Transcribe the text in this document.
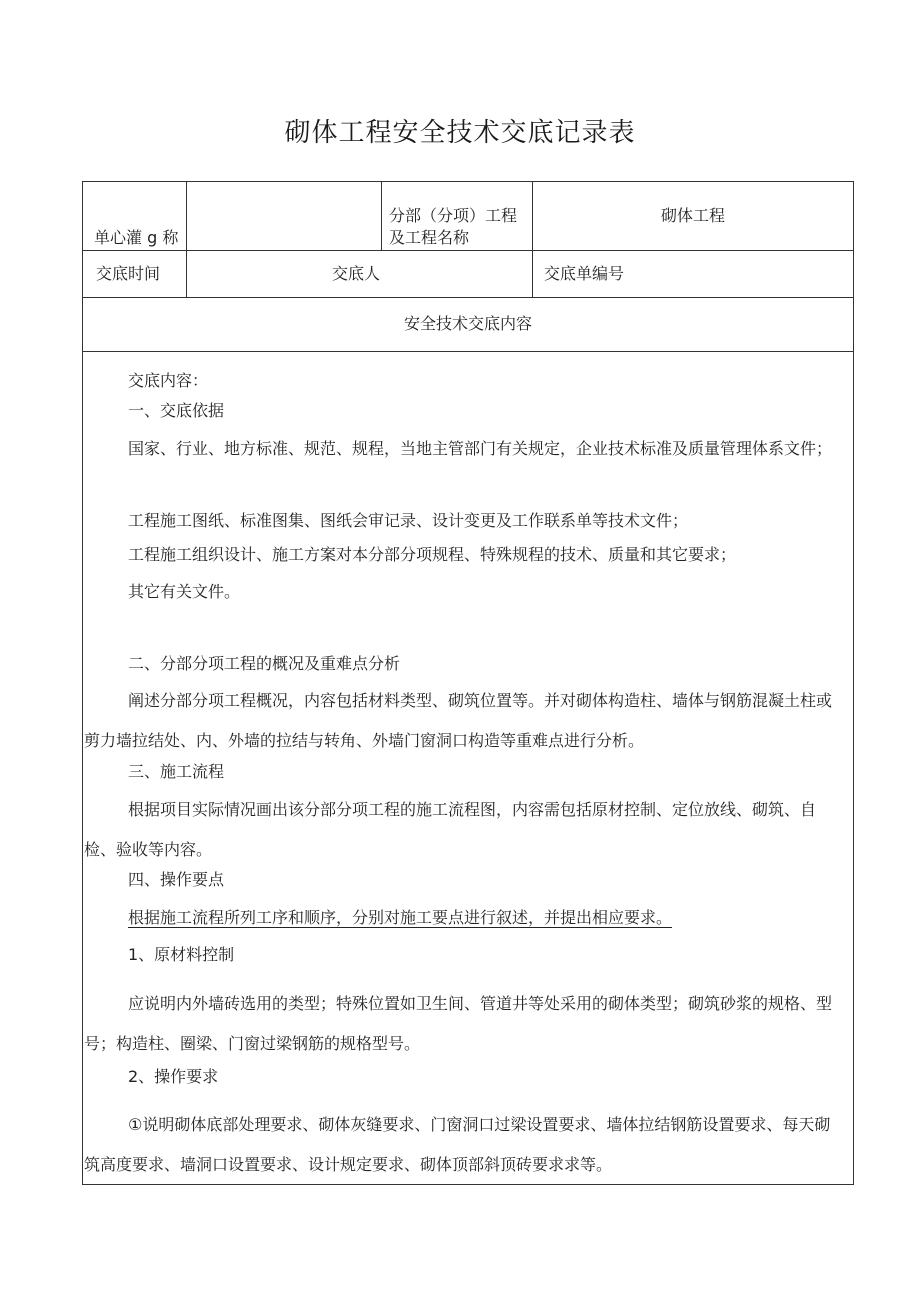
砌体工程安全技术交底记录表
单心灌 g 称
分部（分项）工程
及工程名称
砌体工程
交底时间	交底人	交底单编号
安全技术交底内容

交底内容：

一、交底依据

国家、行业、地方标准、规范、规程，当地主管部门有关规定，企业技术标准及质量管理体系文件；

工程施工图纸、标准图集、图纸会审记录、设计变更及工作联系单等技术文件；

工程施工组织设计、施工方案对本分部分项规程、特殊规程的技术、质量和其它要求；

其它有关文件。

二、分部分项工程的概况及重难点分析

阐述分部分项工程概况，内容包括材料类型、砌筑位置等。并对砌体构造柱、墙体与钢筋混凝土柱或剪力墙拉结处、内、外墙的拉结与转角、外墙门窗洞口构造等重难点进行分析。

三、施工流程

根据项目实际情况画出该分部分项工程的施工流程图，内容需包括原材控制、定位放线、砌筑、自检、验收等内容。

四、操作要点

根据施工流程所列工序和顺序，分别对施工要点进行叙述，并提出相应要求。

1、原材料控制

应说明内外墙砖选用的类型；特殊位置如卫生间、管道井等处采用的砌体类型；砌筑砂浆的规格、型号；构造柱、圈梁、门窗过梁钢筋的规格型号。

2、操作要求

①说明砌体底部处理要求、砌体灰缝要求、门窗洞口过梁设置要求、墙体拉结钢筋设置要求、每天砌筑高度要求、墙洞口设置要求、设计规定要求、砌体顶部斜顶砖要求求等。
